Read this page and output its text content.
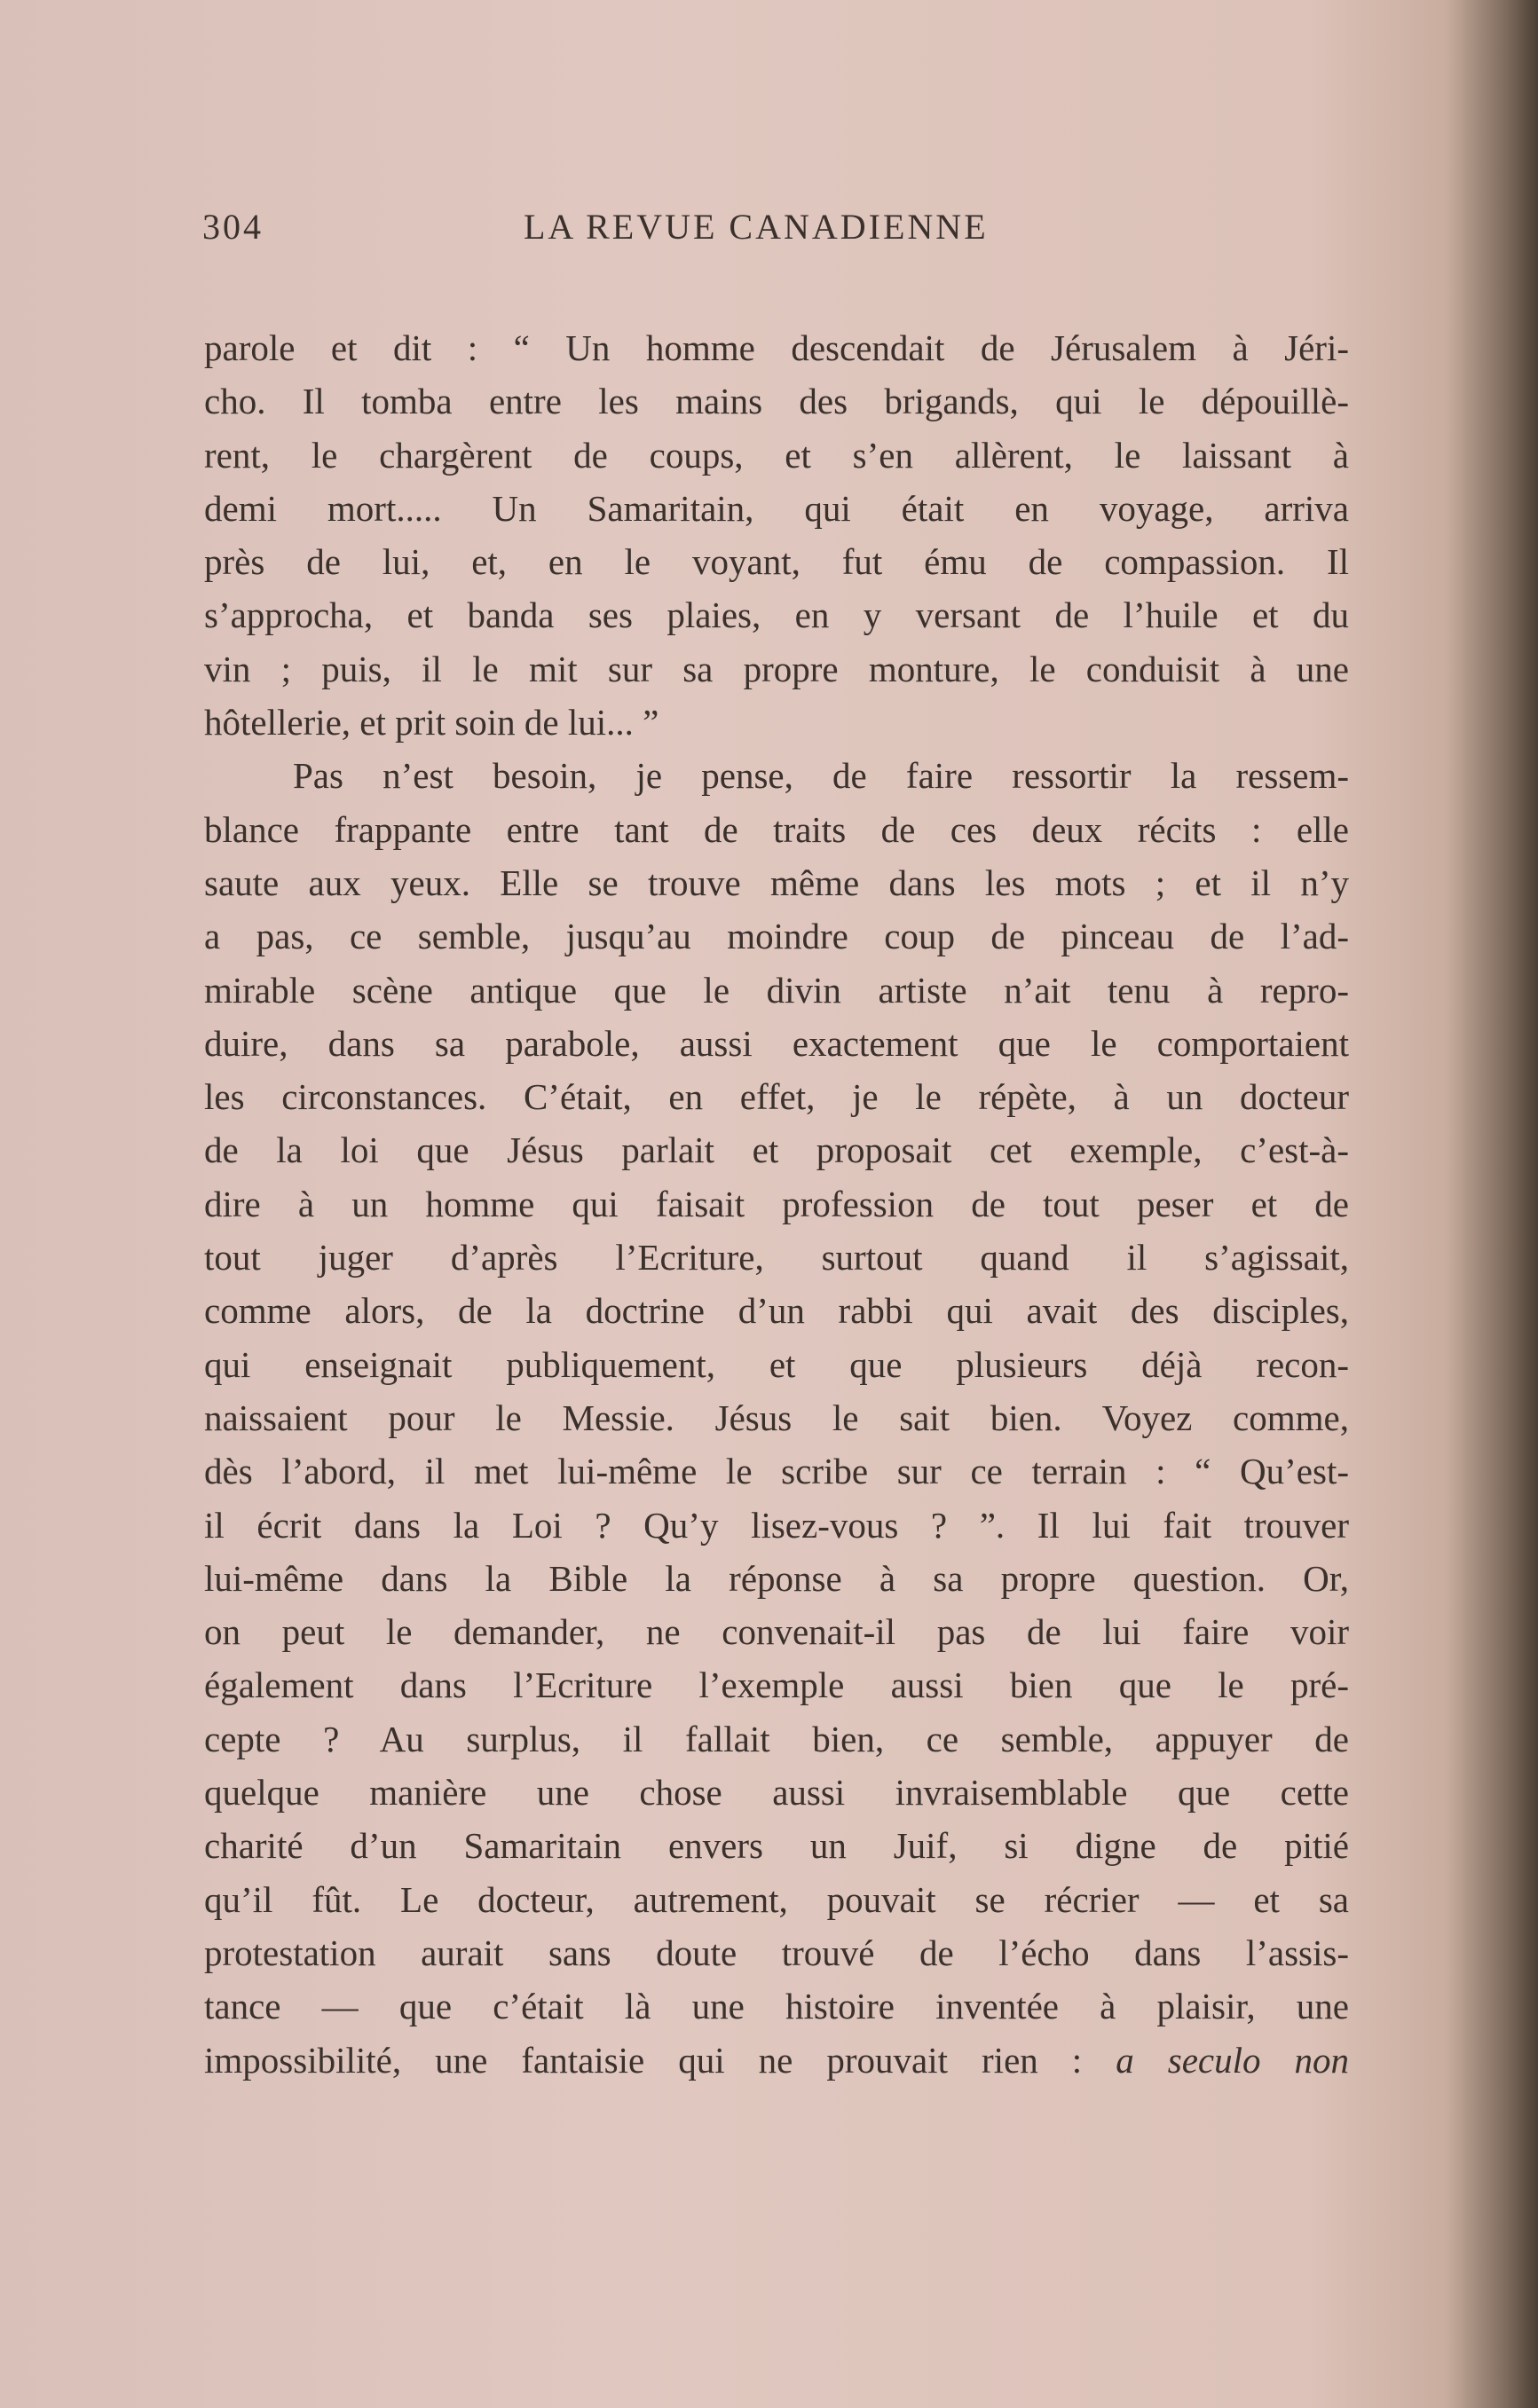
304	LA REVUE CANADIENNE
parole et dit : “ Un homme descendait de Jérusalem à Jéri-
cho. Il tomba entre les mains des brigands, qui le dépouillè-
rent, le chargèrent de coups, et s’en allèrent, le laissant à
demi mort..... Un Samaritain, qui était en voyage, arriva
près de lui, et, en le voyant, fut ému de compassion. Il
s’approcha, et banda ses plaies, en y versant de l’huile et du
vin ; puis, il le mit sur sa propre monture, le conduisit à une
hôtellerie, et prit soin de lui... ”
Pas n’est besoin, je pense, de faire ressortir la ressem-
blance frappante entre tant de traits de ces deux récits : elle
saute aux yeux. Elle se trouve même dans les mots ; et il n’y
a pas, ce semble, jusqu’au moindre coup de pinceau de l’ad-
mirable scène antique que le divin artiste n’ait tenu à repro-
duire, dans sa parabole, aussi exactement que le comportaient
les circonstances. C’était, en effet, je le répète, à un docteur
de la loi que Jésus parlait et proposait cet exemple, c’est-à-
dire à un homme qui faisait profession de tout peser et de
tout juger d’après l’Ecriture, surtout quand il s’agissait,
comme alors, de la doctrine d’un rabbi qui avait des disciples,
qui enseignait publiquement, et que plusieurs déjà recon-
naissaient pour le Messie. Jésus le sait bien. Voyez comme,
dès l’abord, il met lui-même le scribe sur ce terrain : “ Qu’est-
il écrit dans la Loi ? Qu’y lisez-vous ? ”. Il lui fait trouver
lui-même dans la Bible la réponse à sa propre question. Or,
on peut le demander, ne convenait-il pas de lui faire voir
également dans l’Ecriture l’exemple aussi bien que le pré-
cepte ? Au surplus, il fallait bien, ce semble, appuyer de
quelque manière une chose aussi invraisemblable que cette
charité d’un Samaritain envers un Juif, si digne de pitié
qu’il fût. Le docteur, autrement, pouvait se récrier — et sa
protestation aurait sans doute trouvé de l’écho dans l’assis-
tance — que c’était là une histoire inventée à plaisir, une
impossibilité, une fantaisie qui ne prouvait rien : a seculo non
